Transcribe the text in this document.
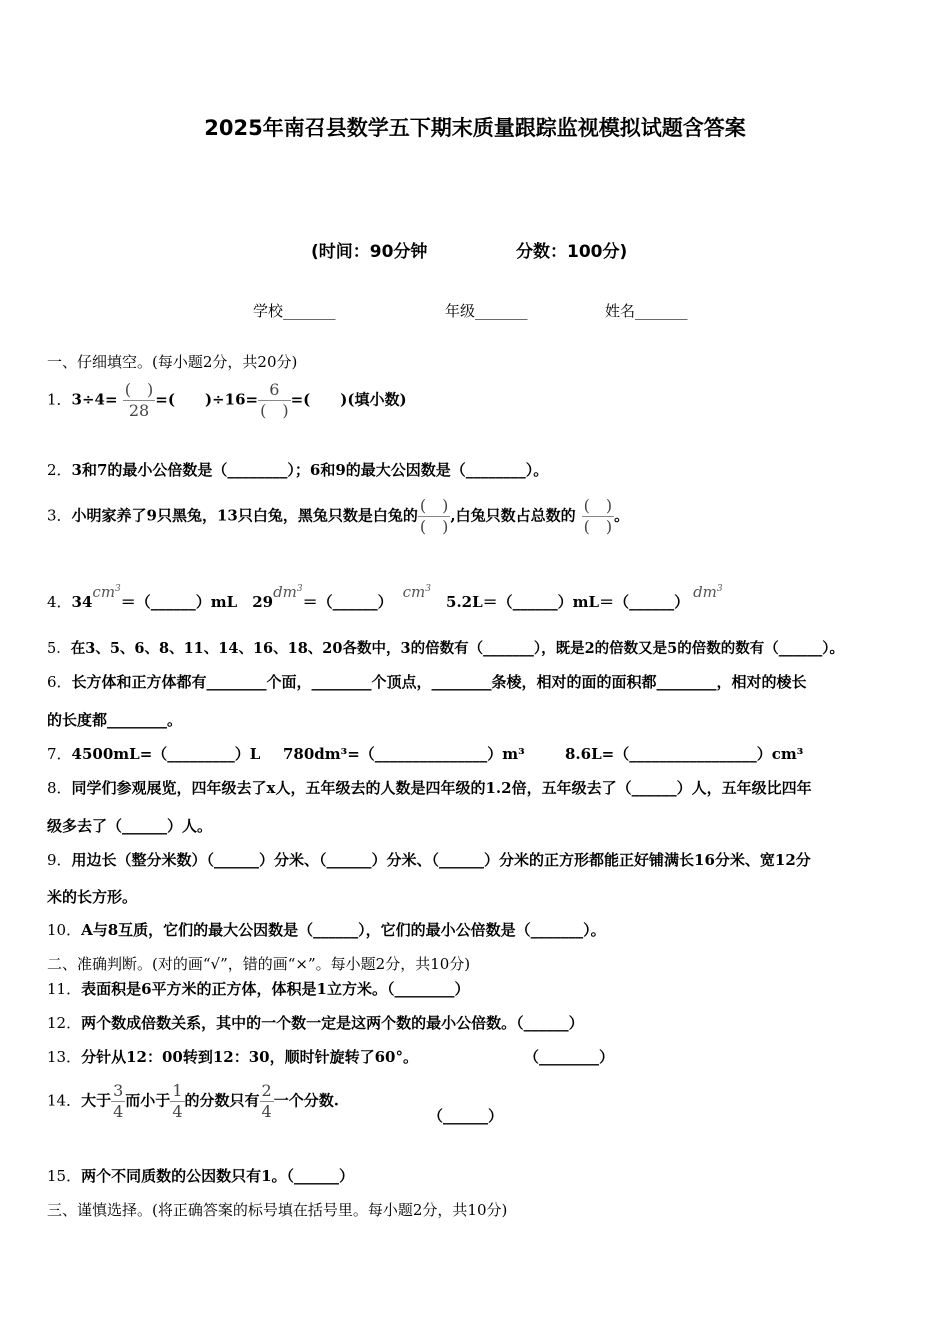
2025年南召县数学五下期末质量跟踪监视模拟试题含答案
(时间：90分钟	分数：100分)
学校_______	年级_______	姓名_______
一、仔细填空。(每小题2分，共20分)
1．$3\div 4= \frac{( )}{28}$ =(　　)$\div 16= \frac{6}{( )}$ =(　　)(填小数)
2．3和7的最小公倍数是（________）；6和9的最大公因数是（________）。
3．小明家养了9只黑兔，13只白兔，黑兔只数是白兔的 $\frac{( )}{( )}$ ,白兔只数占总数的 $\frac{( )}{( )}$ 。
4．$34cm^3=(\_\_\_\_\_\_)mL$　$29dm^3=(\_\_\_\_\_\_)cm^3$　$5.2L=(\_\_\_\_\_\_)mL=(\_\_\_\_\_\_)dm^3$
5．在3、5、6、8、11、14、16、18、20各数中，3的倍数有（_______），既是2的倍数又是5的倍数的数有（______）。
6．长方体和正方体都有________个面，________个顶点，________条棱，相对的面的面积都________，相对的棱长
的长度都________。
7．4500mL=（_________）L 780dm³=（_______________）m³	8.6L=（_________________）cm³
8．同学们参观展览，四年级去了x人，五年级去的人数是四年级的1.2倍，五年级去了（______）人，五年级比四年
级多去了（______）人。
9．用边长（整分米数）（______）分米、（______）分米、（______）分米的正方形都能正好铺满长16分米、宽12分
米的长方形。
10．A与8互质，它们的最大公因数是（______），它们的最小公倍数是（_______）。
二、准确判断。(对的画“√”，错的画“×”。每小题2分，共10分)
11．表面积是6平方米的正方体，体积是1立方米。（________）
12．两个数成倍数关系，其中的一个数一定是这两个数的最小公倍数。（______）
13．分针从12：00转到12：30，顺时针旋转了60°。	（________）
14．大于 $\frac{3}{4}$ 而小于 $\frac{1}{4}$ 的分数只有 $\frac{2}{4}$ 一个分数.
（______）
15．两个不同质数的公因数只有1。（______）
三、谨慎选择。(将正确答案的标号填在括号里。每小题2分，共10分)
